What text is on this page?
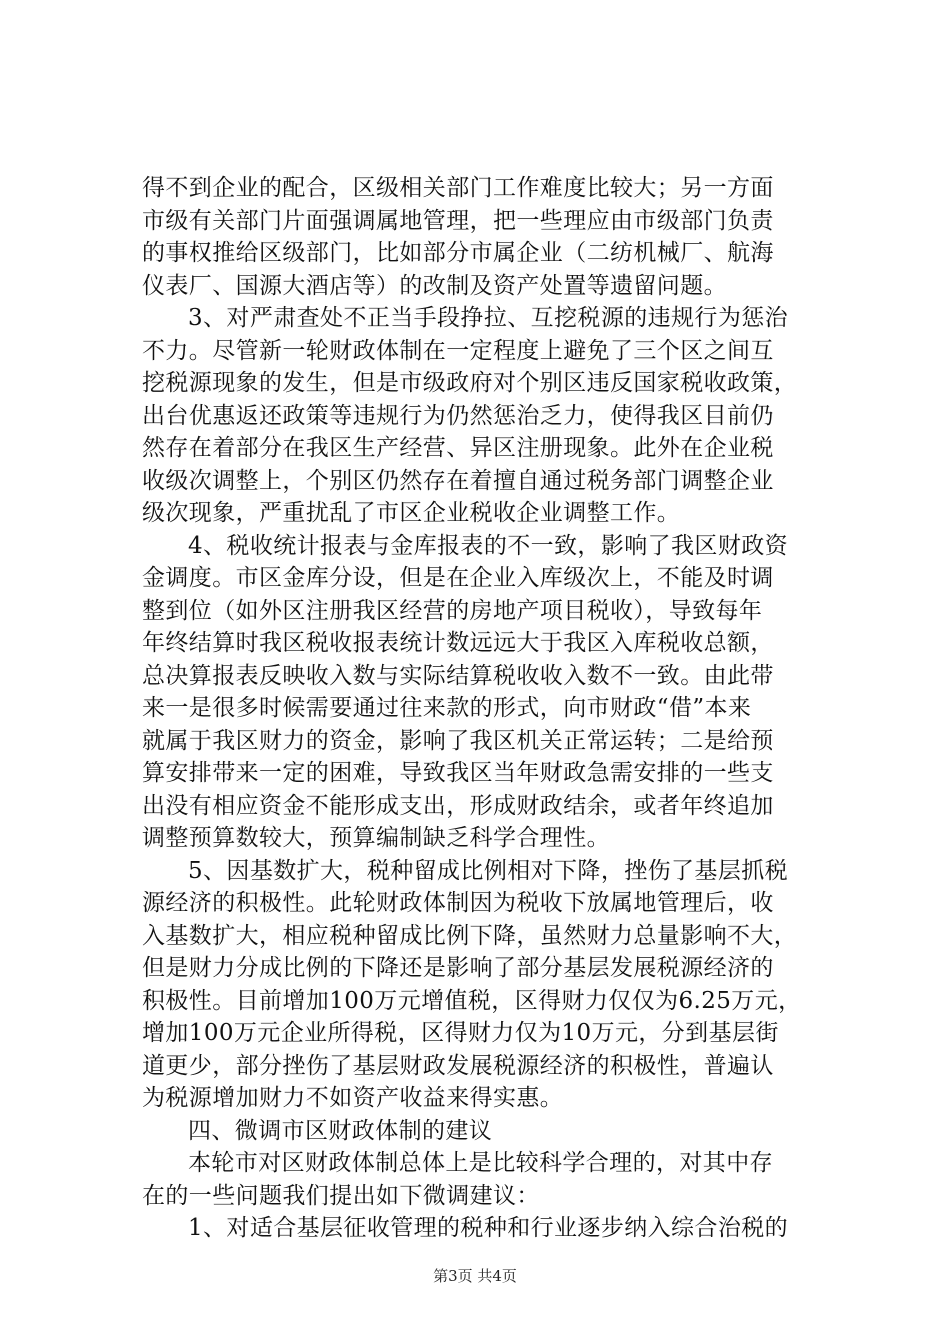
得不到企业的配合，区级相关部门工作难度比较大；另一方面
市级有关部门片面强调属地管理，把一些理应由市级部门负责
的事权推给区级部门，比如部分市属企业（二纺机械厂、航海
仪表厂、国源大酒店等）的改制及资产处置等遗留问题。
3、对严肃查处不正当手段挣拉、互挖税源的违规行为惩治
不力。尽管新一轮财政体制在一定程度上避免了三个区之间互
挖税源现象的发生，但是市级政府对个别区违反国家税收政策，
出台优惠返还政策等违规行为仍然惩治乏力，使得我区目前仍
然存在着部分在我区生产经营、异区注册现象。此外在企业税
收级次调整上，个别区仍然存在着擅自通过税务部门调整企业
级次现象，严重扰乱了市区企业税收企业调整工作。
4、税收统计报表与金库报表的不一致，影响了我区财政资
金调度。市区金库分设，但是在企业入库级次上，不能及时调
整到位（如外区注册我区经营的房地产项目税收），导致每年
年终结算时我区税收报表统计数远远大于我区入库税收总额，
总决算报表反映收入数与实际结算税收收入数不一致。由此带
来一是很多时候需要通过往来款的形式，向市财政“借”本来
就属于我区财力的资金，影响了我区机关正常运转；二是给预
算安排带来一定的困难，导致我区当年财政急需安排的一些支
出没有相应资金不能形成支出，形成财政结余，或者年终追加
调整预算数较大，预算编制缺乏科学合理性。
5、因基数扩大，税种留成比例相对下降，挫伤了基层抓税
源经济的积极性。此轮财政体制因为税收下放属地管理后，收
入基数扩大，相应税种留成比例下降，虽然财力总量影响不大，
但是财力分成比例的下降还是影响了部分基层发展税源经济的
积极性。目前增加100万元增值税，区得财力仅仅为6.25万元，
增加100万元企业所得税，区得财力仅为10万元，分到基层街
道更少，部分挫伤了基层财政发展税源经济的积极性，普遍认
为税源增加财力不如资产收益来得实惠。
四、微调市区财政体制的建议
本轮市对区财政体制总体上是比较科学合理的，对其中存
在的一些问题我们提出如下微调建议：
1、对适合基层征收管理的税种和行业逐步纳入综合治税的
第3页 共4页
